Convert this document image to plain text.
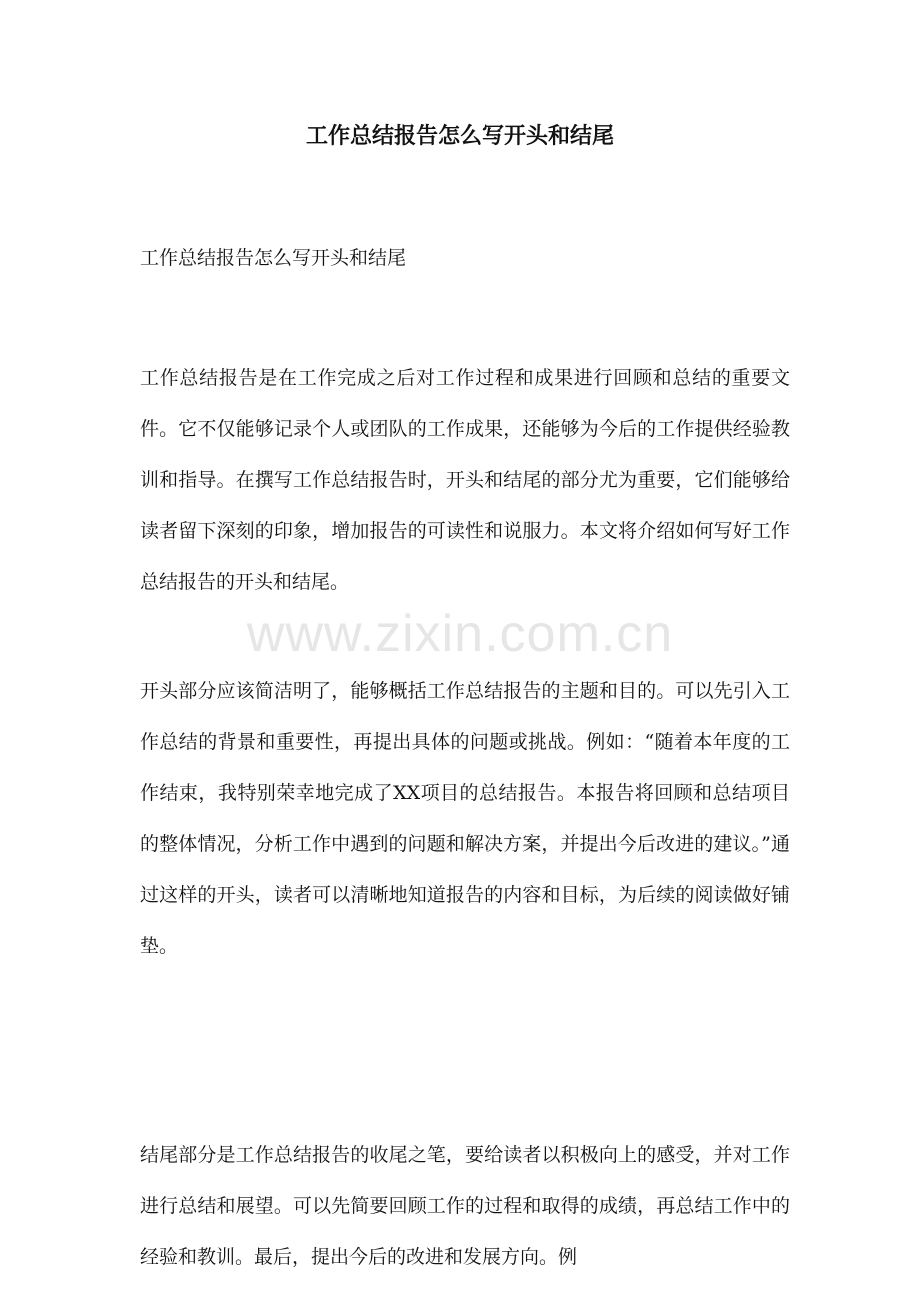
工作总结报告怎么写开头和结尾

工作总结报告怎么写开头和结尾

工作总结报告是在工作完成之后对工作过程和成果进行回顾和总结的重要文件。它不仅能够记录个人或团队的工作成果，还能够为今后的工作提供经验教训和指导。在撰写工作总结报告时，开头和结尾的部分尤为重要，它们能够给读者留下深刻的印象，增加报告的可读性和说服力。本文将介绍如何写好工作总结报告的开头和结尾。

www.zixin.com.cn

开头部分应该简洁明了，能够概括工作总结报告的主题和目的。可以先引入工作总结的背景和重要性，再提出具体的问题或挑战。例如：“随着本年度的工作结束，我特别荣幸地完成了XX项目的总结报告。本报告将回顾和总结项目的整体情况，分析工作中遇到的问题和解决方案，并提出今后改进的建议。”通过这样的开头，读者可以清晰地知道报告的内容和目标，为后续的阅读做好铺垫。

结尾部分是工作总结报告的收尾之笔，要给读者以积极向上的感受，并对工作进行总结和展望。可以先简要回顾工作的过程和取得的成绩，再总结工作中的经验和教训。最后，提出今后的改进和发展方向。例
